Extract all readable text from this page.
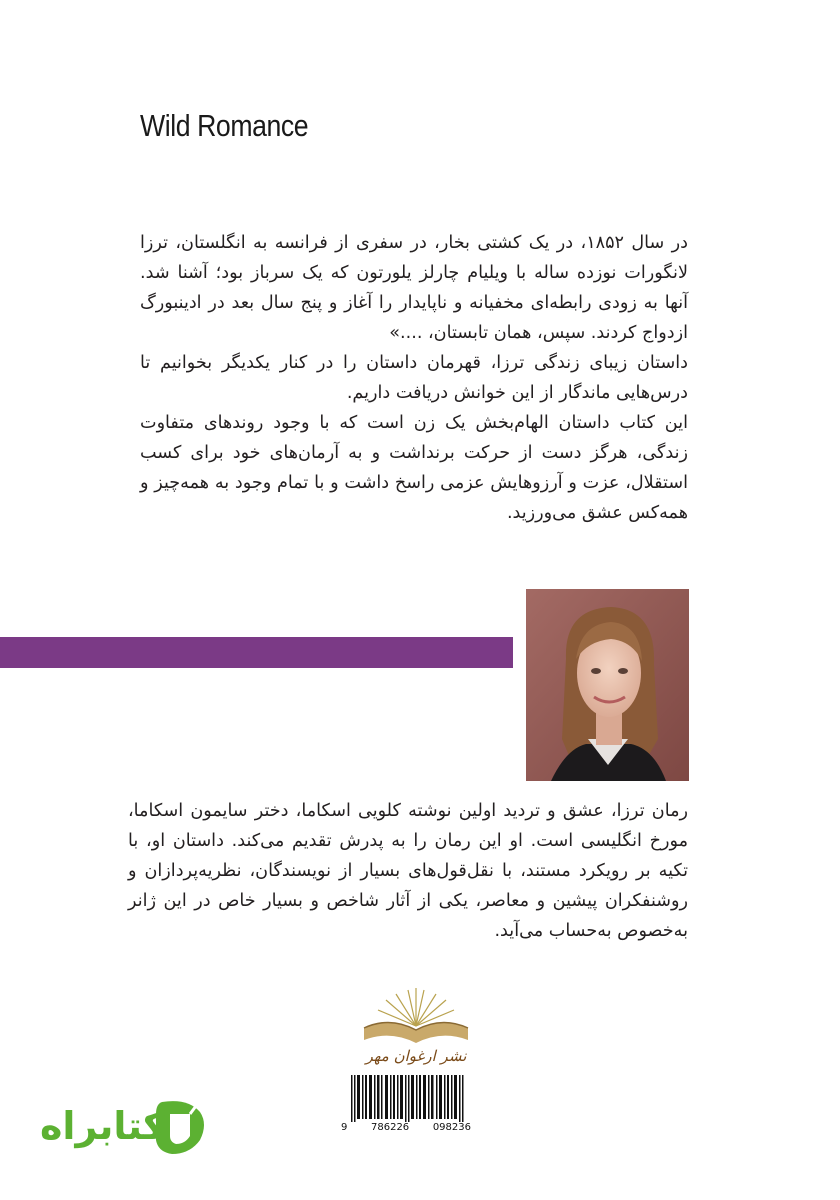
Wild Romance

در سال ۱۸۵۲، در یک کشتی بخار، در سفری از فرانسه به انگلستان، ترزا لانگورات نوزده ساله با ویلیام چارلز یلورتون که یک سرباز بود؛ آشنا شد. آنها به زودی رابطه‌ای مخفیانه و ناپایدار را آغاز و پنج سال بعد در ادینبورگ ازدواج کردند. سپس، همان تابستان، ....»

داستان زیبای زندگی ترزا، قهرمان داستان را در کنار یکدیگر بخوانیم تا درس‌هایی ماندگار از این خوانش دریافت داریم.

این کتاب داستان الهام‌بخش یک زن است که با وجود روندهای متفاوت زندگی، هرگز دست از حرکت برنداشت و به آرمان‌های خود برای کسب استقلال، عزت و آرزوهایش عزمی راسخ داشت و با تمام وجود به همه‌چیز و همه‌کس عشق می‌ورزید.

رمان ترزا، عشق و تردید اولین نوشته کلویی اسکاما، دختر سایمون اسکاما، مورخ انگلیسی است. او این رمان را به پدرش تقدیم می‌کند. داستان او، با تکیه بر رویکرد مستند، با نقل‌قول‌های بسیار از نویسندگان، نظریه‌پردازان و روشنفکران پیشین و معاصر، یکی از آثار شاخص و بسیار خاص در این ژانر به‌خصوص به‌حساب می‌آید.
نشر ارغوان مهر
9 786226 098236
کتابراه
